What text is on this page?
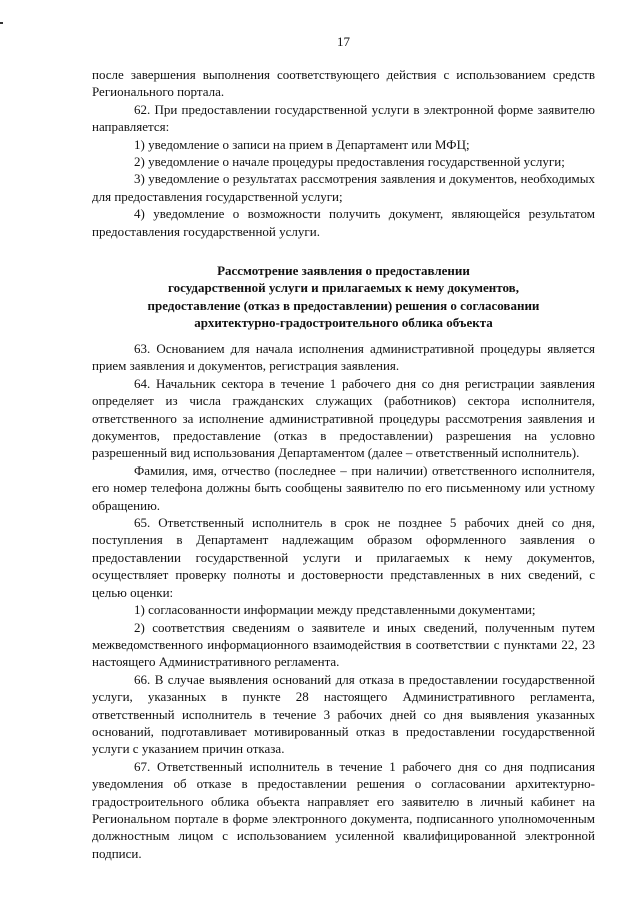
17

после завершения выполнения соответствующего действия с использованием средств Регионального портала.

62. При предоставлении государственной услуги в электронной форме заявителю направляется:

1) уведомление о записи на прием в Департамент или МФЦ;

2) уведомление о начале процедуры предоставления государственной услуги;

3) уведомление о результатах рассмотрения заявления и документов, необходимых для предоставления государственной услуги;

4) уведомление о возможности получить документ, являющейся результатом предоставления государственной услуги.

Рассмотрение заявления о предоставлении
государственной услуги и прилагаемых к нему документов,
предоставление (отказ в предоставлении) решения о согласовании
архитектурно-градостроительного облика объекта

63. Основанием для начала исполнения административной процедуры является прием заявления и документов, регистрация заявления.

64. Начальник сектора в течение 1 рабочего дня со дня регистрации заявления определяет из числа гражданских служащих (работников) сектора исполнителя, ответственного за исполнение административной процедуры рассмотрения заявления и документов, предоставление (отказ в предоставлении) разрешения на условно разрешенный вид использования Департаментом (далее – ответственный исполнитель).

Фамилия, имя, отчество (последнее – при наличии) ответственного исполнителя, его номер телефона должны быть сообщены заявителю по его письменному или устному обращению.

65. Ответственный исполнитель в срок не позднее 5 рабочих дней со дня, поступления в Департамент надлежащим образом оформленного заявления о предоставлении государственной услуги и прилагаемых к нему документов, осуществляет проверку полноты и достоверности представленных в них сведений, с целью оценки:

1) согласованности информации между представленными документами;

2) соответствия сведениям о заявителе и иных сведений, полученным путем межведомственного информационного взаимодействия в соответствии с пунктами 22, 23 настоящего Административного регламента.

66. В случае выявления оснований для отказа в предоставлении государственной услуги, указанных в пункте 28 настоящего Административного регламента, ответственный исполнитель в течение 3 рабочих дней со дня выявления указанных оснований, подготавливает мотивированный отказ в предоставлении государственной услуги с указанием причин отказа.

67. Ответственный исполнитель в течение 1 рабочего дня со дня подписания уведомления об отказе в предоставлении решения о согласовании архитектурно-градостроительного облика объекта направляет его заявителю в личный кабинет на Региональном портале в форме электронного документа, подписанного уполномоченным должностным лицом с использованием усиленной квалифицированной электронной подписи.
